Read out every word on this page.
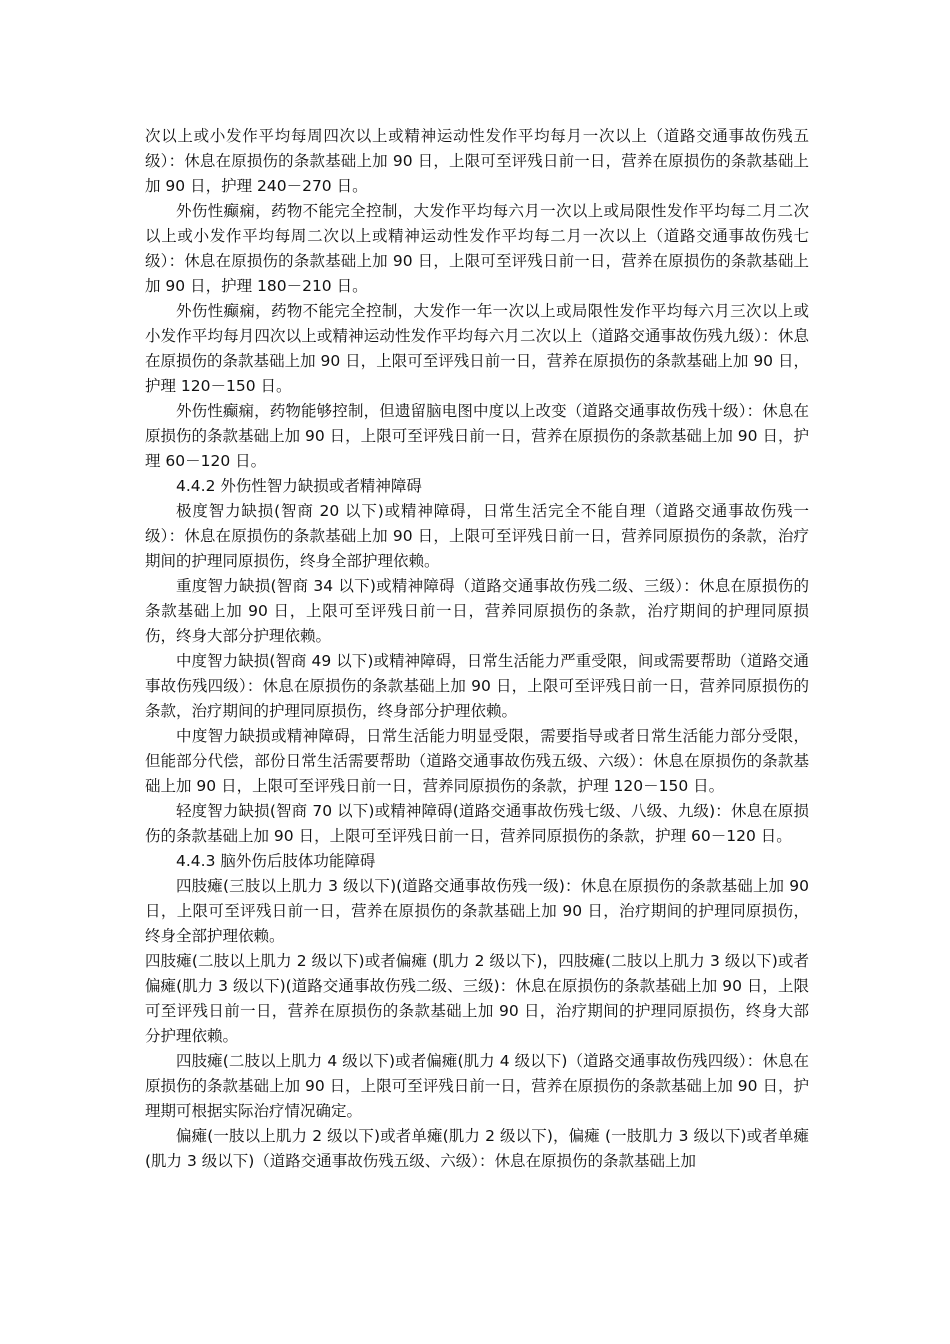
次以上或小发作平均每周四次以上或精神运动性发作平均每月一次以上（道路交通事故伤残五级）：休息在原损伤的条款基础上加 90 日，上限可至评残日前一日，营养在原损伤的条款基础上加 90 日，护理 240－270 日。

外伤性癫痫，药物不能完全控制，大发作平均每六月一次以上或局限性发作平均每二月二次以上或小发作平均每周二次以上或精神运动性发作平均每二月一次以上（道路交通事故伤残七级）：休息在原损伤的条款基础上加 90 日，上限可至评残日前一日，营养在原损伤的条款基础上加 90 日，护理 180－210 日。

外伤性癫痫，药物不能完全控制，大发作一年一次以上或局限性发作平均每六月三次以上或小发作平均每月四次以上或精神运动性发作平均每六月二次以上（道路交通事故伤残九级）：休息在原损伤的条款基础上加 90 日，上限可至评残日前一日，营养在原损伤的条款基础上加 90 日，护理 120－150 日。

外伤性癫痫，药物能够控制，但遗留脑电图中度以上改变（道路交通事故伤残十级）：休息在原损伤的条款基础上加 90 日，上限可至评残日前一日，营养在原损伤的条款基础上加 90 日，护理 60－120 日。

4.4.2 外伤性智力缺损或者精神障碍

极度智力缺损(智商 20 以下)或精神障碍，日常生活完全不能自理（道路交通事故伤残一级）：休息在原损伤的条款基础上加 90 日，上限可至评残日前一日，营养同原损伤的条款，治疗期间的护理同原损伤，终身全部护理依赖。

重度智力缺损(智商 34 以下)或精神障碍（道路交通事故伤残二级、三级）：休息在原损伤的条款基础上加 90 日，上限可至评残日前一日，营养同原损伤的条款，治疗期间的护理同原损伤，终身大部分护理依赖。

中度智力缺损(智商 49 以下)或精神障碍，日常生活能力严重受限，间或需要帮助（道路交通事故伤残四级）：休息在原损伤的条款基础上加 90 日，上限可至评残日前一日，营养同原损伤的条款，治疗期间的护理同原损伤，终身部分护理依赖。

中度智力缺损或精神障碍，日常生活能力明显受限，需要指导或者日常生活能力部分受限，但能部分代偿，部份日常生活需要帮助（道路交通事故伤残五级、六级）：休息在原损伤的条款基础上加 90 日，上限可至评残日前一日，营养同原损伤的条款，护理 120－150 日。

轻度智力缺损(智商 70 以下)或精神障碍(道路交通事故伤残七级、八级、九级)：休息在原损伤的条款基础上加 90 日，上限可至评残日前一日，营养同原损伤的条款，护理 60－120 日。

4.4.3 脑外伤后肢体功能障碍

四肢瘫(三肢以上肌力 3 级以下)(道路交通事故伤残一级)：休息在原损伤的条款基础上加 90 日，上限可至评残日前一日，营养在原损伤的条款基础上加 90 日，治疗期间的护理同原损伤，终身全部护理依赖。

四肢瘫(二肢以上肌力 2 级以下)或者偏瘫 (肌力 2 级以下)，四肢瘫(二肢以上肌力 3 级以下)或者偏瘫(肌力 3 级以下)(道路交通事故伤残二级、三级)：休息在原损伤的条款基础上加 90 日，上限可至评残日前一日，营养在原损伤的条款基础上加 90 日，治疗期间的护理同原损伤，终身大部分护理依赖。

四肢瘫(二肢以上肌力 4 级以下)或者偏瘫(肌力 4 级以下)（道路交通事故伤残四级）：休息在原损伤的条款基础上加 90 日，上限可至评残日前一日，营养在原损伤的条款基础上加 90 日，护理期可根据实际治疗情况确定。

偏瘫(一肢以上肌力 2 级以下)或者单瘫(肌力 2 级以下)，偏瘫 (一肢肌力 3 级以下)或者单瘫(肌力 3 级以下)（道路交通事故伤残五级、六级）：休息在原损伤的条款基础上加
